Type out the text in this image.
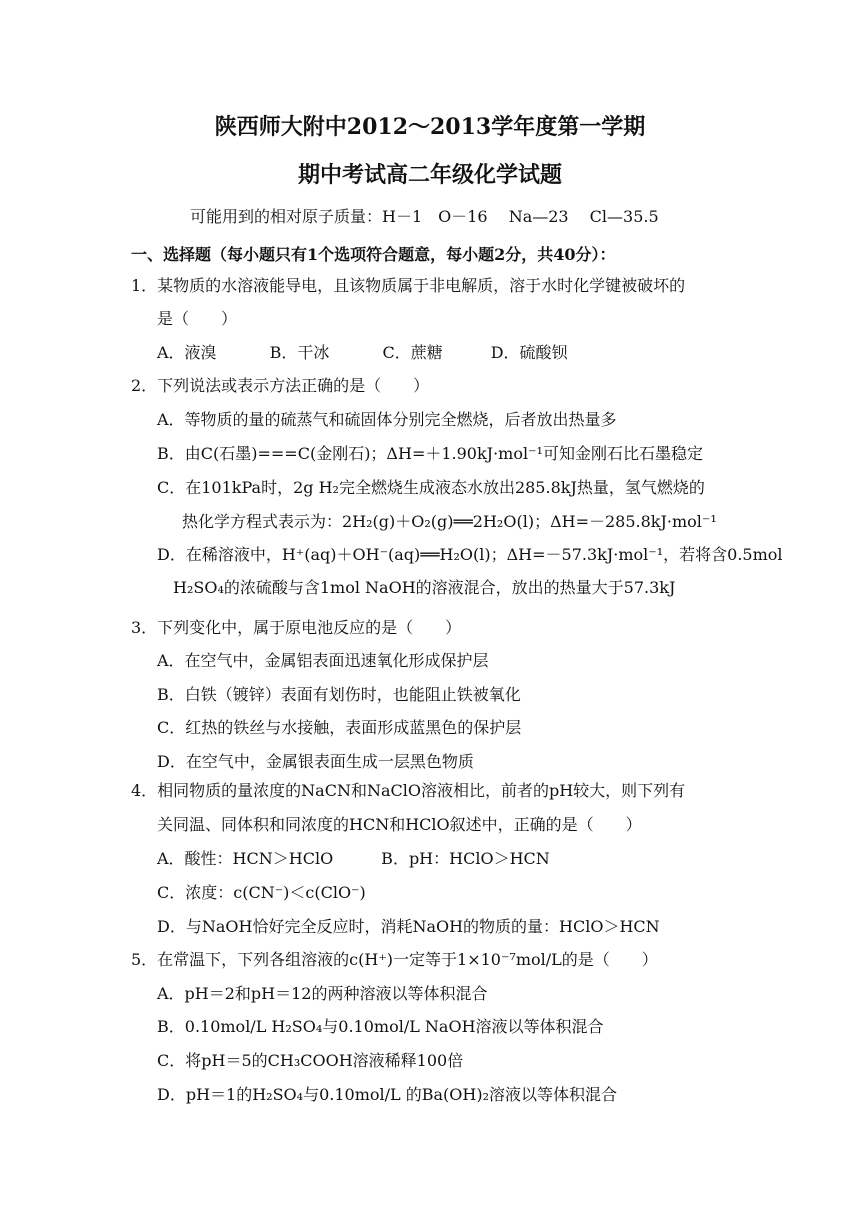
陕西师大附中2012～2013学年度第一学期
期中考试高二年级化学试题
可能用到的相对原子质量：H－1　O－16　 Na—23　 Cl—35.5
一、选择题（每小题只有1个选项符合题意，每小题2分，共40分）：
1．某物质的水溶液能导电，且该物质属于非电解质，溶于水时化学键被破坏的
是（　　）
A．液溴　　　 B．干冰　　　 C．蔗糖　　　D．硫酸钡
2．下列说法或表示方法正确的是（　　）
A．等物质的量的硫蒸气和硫固体分别完全燃烧，后者放出热量多
B．由C(石墨)===C(金刚石)；ΔH=＋1.90kJ·mol⁻¹可知金刚石比石墨稳定
C．在101kPa时，2g H₂完全燃烧生成液态水放出285.8kJ热量，氢气燃烧的
热化学方程式表示为：2H₂(g)＋O₂(g)══2H₂O(l)；ΔH=－285.8kJ·mol⁻¹
D．在稀溶液中，H⁺(aq)＋OH⁻(aq)══H₂O(l)；ΔH=－57.3kJ·mol⁻¹，若将含0.5mol
H₂SO₄的浓硫酸与含1mol NaOH的溶液混合，放出的热量大于57.3kJ
3．下列变化中，属于原电池反应的是（　　）
A．在空气中，金属铝表面迅速氧化形成保护层
B．白铁（镀锌）表面有划伤时，也能阻止铁被氧化
C．红热的铁丝与水接触，表面形成蓝黑色的保护层
D．在空气中，金属银表面生成一层黑色物质
4．相同物质的量浓度的NaCN和NaClO溶液相比，前者的pH较大，则下列有
关同温、同体积和同浓度的HCN和HClO叙述中，正确的是（　　）
A．酸性：HCN＞HClO　　　B．pH：HClO＞HCN
C．浓度：c(CN⁻)＜c(ClO⁻)
D．与NaOH恰好完全反应时，消耗NaOH的物质的量：HClO＞HCN
5．在常温下，下列各组溶液的c(H⁺)一定等于1×10⁻⁷mol/L的是（　　）
A．pH＝2和pH＝12的两种溶液以等体积混合
B．0.10mol/L H₂SO₄与0.10mol/L NaOH溶液以等体积混合
C．将pH＝5的CH₃COOH溶液稀释100倍
D．pH＝1的H₂SO₄与0.10mol/L 的Ba(OH)₂溶液以等体积混合
